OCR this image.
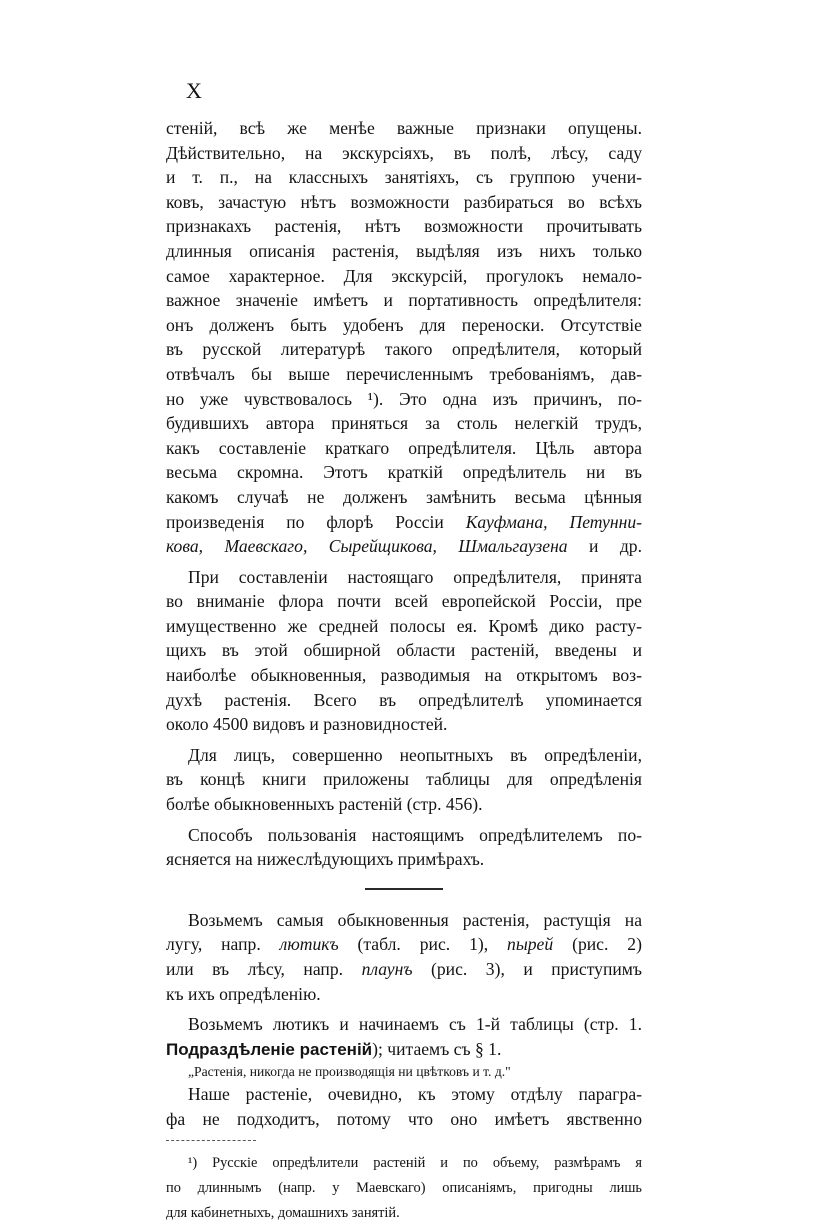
X
стенiй, всѣ же менѣе важные признаки опущены.
Дѣйствительно, на экскурсiяхъ, въ полѣ, лѣсу, саду
и т. п., на классныхъ занятiяхъ, съ группою учени-
ковъ, зачастую нѣтъ возможности разбираться во всѣхъ
признакахъ растенiя, нѣтъ возможности прочитывать
длинныя описанiя растенiя, выдѣляя изъ нихъ только
самое характерное. Для экскурсiй, прогулокъ немало-
важное значенiе имѣетъ и портативность опредѣлителя:
онъ долженъ быть удобенъ для переноски. Отсутствiе
въ русской литературѣ такого опредѣлителя, который
отвѣчалъ бы выше перечисленнымъ требованiямъ, дав-
но уже чувствовалось ¹). Это одна изъ причинъ, по-
будившихъ автора приняться за столь нелегкiй трудъ,
какъ составленiе краткаго опредѣлителя. Цѣль автора
весьма скромна. Этотъ краткiй опредѣлитель ни въ
какомъ случаѣ не долженъ замѣнить весьма цѣнныя
произведенiя по флорѣ Россiи Кауфмана, Петунни-
кова, Маевскаго, Сырейщикова, Шмальгаузена и др.
При составленiи настоящаго опредѣлителя, принята
во вниманiе флора почти всей европейской Россiи, пре
имущественно же средней полосы ея. Кромѣ дико расту-
щихъ въ этой обширной области растенiй, введены и
наиболѣе обыкновенныя, разводимыя на открытомъ воз-
духѣ растенiя. Всего въ опредѣлителѣ упоминается
около 4500 видовъ и разновидностей.
Для лицъ, совершенно неопытныхъ въ опредѣленiи,
въ концѣ книги приложены таблицы для опредѣленiя
болѣе обыкновенныхъ растенiй (стр. 456).
Способъ пользованiя настоящимъ опредѣлителемъ по-
ясняется на нижеслѣдующихъ примѣрахъ.
Возьмемъ самыя обыкновенныя растенiя, растущiя на
лугу, напр. лютикъ (табл. рис. 1), пырей (рис. 2)
или въ лѣсу, напр. плаунъ (рис. 3), и приступимъ
къ ихъ опредѣленiю.
Возьмемъ лютикъ и начинаемъ съ 1-й таблицы (стр. 1.
Подраздѣленiе растенiй); читаемъ съ § 1.
„Растенiя, никогда не производящiя ни цвѣтковъ и т. д."
Наше растенiе, очевидно, къ этому отдѣлу парагра-
фа не подходитъ, потому что оно имѣетъ явственно
¹) Русскiе опредѣлители растенiй и по объему, размѣрамъ я
по длиннымъ (напр. у Маевскаго) описанiямъ, пригодны лишь
для кабинетныхъ, домашнихъ занятiй.
